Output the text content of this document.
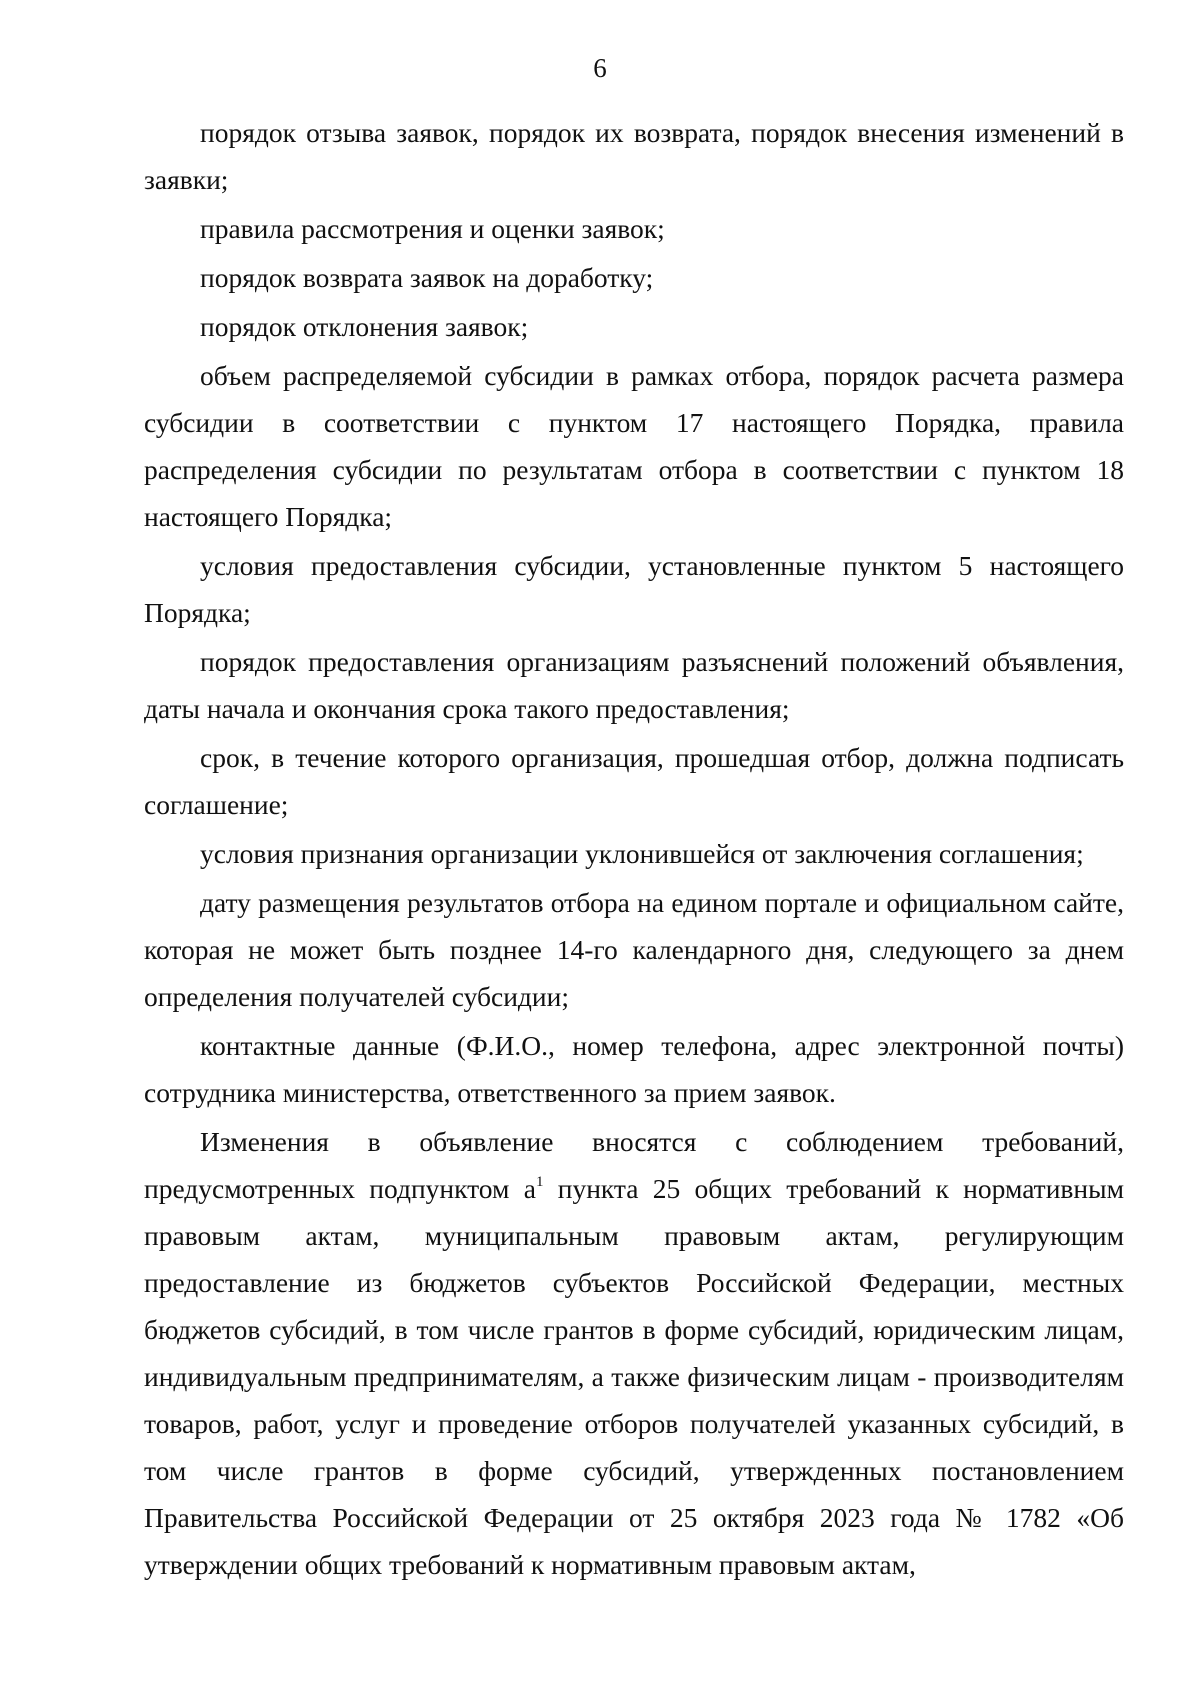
6

порядок отзыва заявок, порядок их возврата, порядок внесения изменений в заявки;

правила рассмотрения и оценки заявок;

порядок возврата заявок на доработку;

порядок отклонения заявок;

объем распределяемой субсидии в рамках отбора, порядок расчета размера субсидии в соответствии с пунктом 17 настоящего Порядка, правила распределения субсидии по результатам отбора в соответствии с пунктом 18 настоящего Порядка;

условия предоставления субсидии, установленные пунктом 5 настоящего Порядка;

порядок предоставления организациям разъяснений положений объявления, даты начала и окончания срока такого предоставления;

срок, в течение которого организация, прошедшая отбор, должна подписать соглашение;

условия признания организации уклонившейся от заключения соглашения;

дату размещения результатов отбора на едином портале и официальном сайте, которая не может быть позднее 14-го календарного дня, следующего за днем определения получателей субсидии;

контактные данные (Ф.И.О., номер телефона, адрес электронной почты) сотрудника министерства, ответственного за прием заявок.

Изменения в объявление вносятся с соблюдением требований, предусмотренных подпунктом а$^1$ пункта 25 общих требований к нормативным правовым актам, муниципальным правовым актам, регулирующим предоставление из бюджетов субъектов Российской Федерации, местных бюджетов субсидий, в том числе грантов в форме субсидий, юридическим лицам, индивидуальным предпринимателям, а также физическим лицам - производителям товаров, работ, услуг и проведение отборов получателей указанных субсидий, в том числе грантов в форме субсидий, утвержденных постановлением Правительства Российской Федерации от 25 октября 2023 года № 1782 «Об утверждении общих требований к нормативным правовым актам,
